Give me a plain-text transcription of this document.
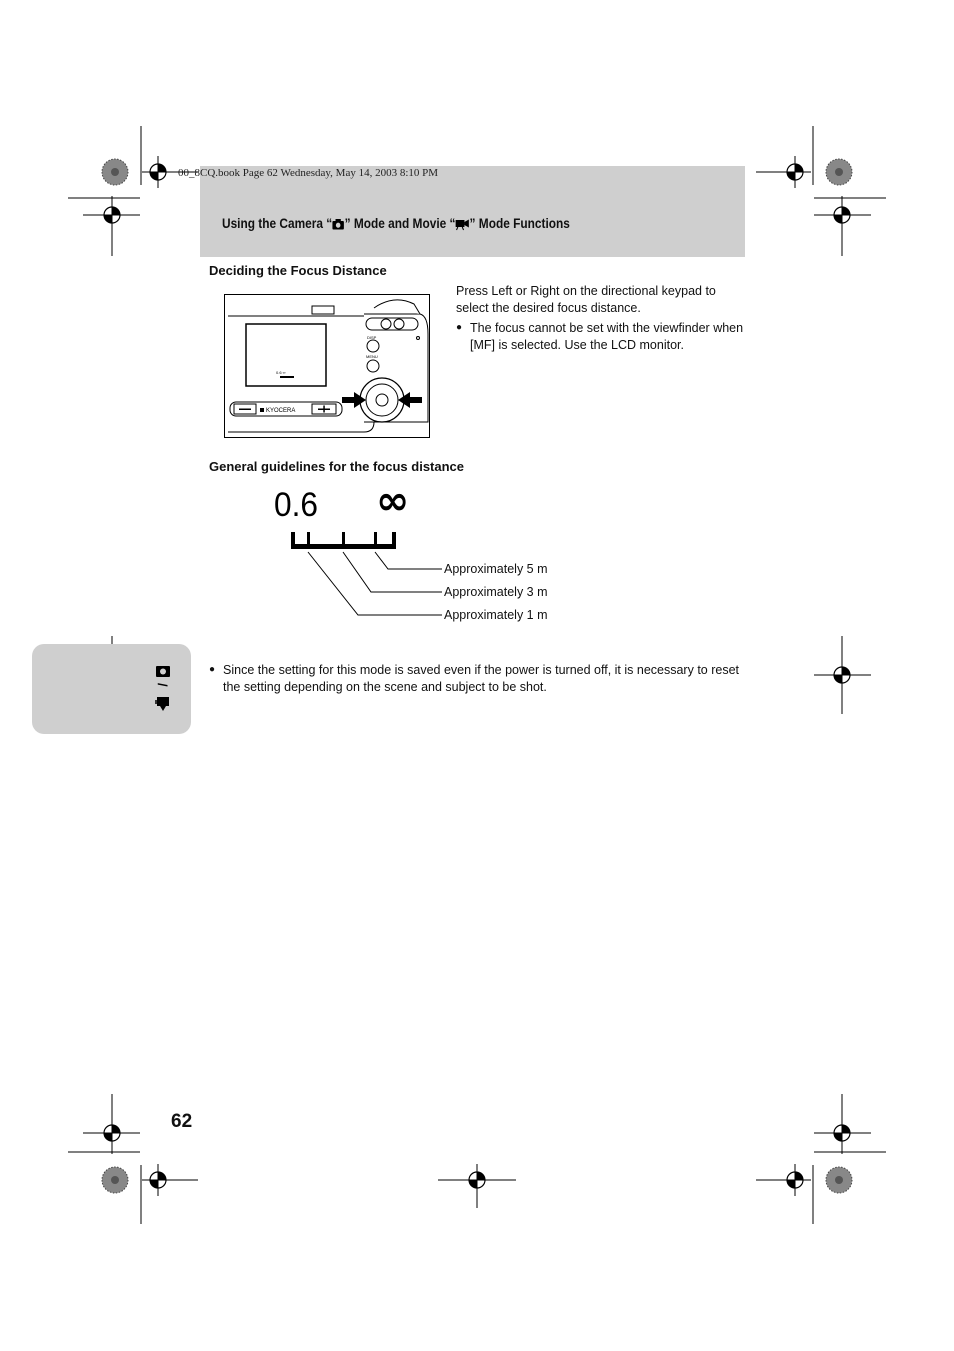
00_8CQ.book Page 62 Wednesday, May 14, 2003 8:10 PM
Using the Camera “ ” Mode and Movie “ ” Mode Functions
Deciding the Focus Distance
0.6 ∞
KYOCERA
DISP
MENU
Press Left or Right on the directional keypad to select the desired focus distance.
● The focus cannot be set with the viewfinder when [MF] is selected. Use the LCD monitor.
General guidelines for the focus distance
0.6 ∞
Approximately 5 m
Approximately 3 m
Approximately 1 m
/
● Since the setting for this mode is saved even if the power is turned off, it is necessary to reset the setting depending on the scene and subject to be shot.
62
